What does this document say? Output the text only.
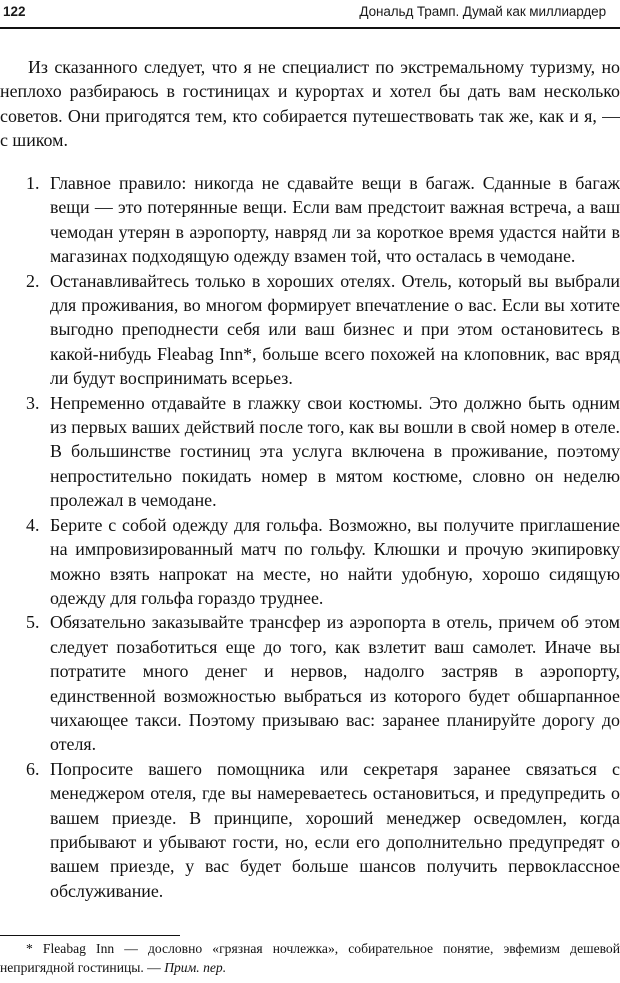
122	Дональд Трамп. Думай как миллиардер

Из сказанного следует, что я не специалист по экстремальному туризму, но неплохо разбираюсь в гостиницах и курортах и хотел бы дать вам несколько советов. Они пригодятся тем, кто собирается путешествовать так же, как и я, — с шиком.

1. Главное правило: никогда не сдавайте вещи в багаж. Сданные в багаж вещи — это потерянные вещи. Если вам предстоит важная встреча, а ваш чемодан утерян в аэропорту, навряд ли за короткое время удастся найти в магазинах подходящую одежду взамен той, что осталась в чемодане.
2. Останавливайтесь только в хороших отелях. Отель, который вы выбрали для проживания, во многом формирует впечатление о вас. Если вы хотите выгодно преподнести себя или ваш бизнес и при этом остановитесь в какой-нибудь Fleabag Inn*, больше всего похожей на клоповник, вас вряд ли будут воспринимать всерьез.
3. Непременно отдавайте в глажку свои костюмы. Это должно быть одним из первых ваших действий после того, как вы вошли в свой номер в отеле. В большинстве гостиниц эта услуга включена в проживание, поэтому непростительно покидать номер в мятом костюме, словно он неделю пролежал в чемодане.
4. Берите с собой одежду для гольфа. Возможно, вы получите приглашение на импровизированный матч по гольфу. Клюшки и прочую экипировку можно взять напрокат на месте, но найти удобную, хорошо сидящую одежду для гольфа гораздо труднее.
5. Обязательно заказывайте трансфер из аэропорта в отель, причем об этом следует позаботиться еще до того, как взлетит ваш самолет. Иначе вы потратите много денег и нервов, надолго застряв в аэропорту, единственной возможностью выбраться из которого будет обшарпанное чихающее такси. Поэтому призываю вас: заранее планируйте дорогу до отеля.
6. Попросите вашего помощника или секретаря заранее связаться с менеджером отеля, где вы намереваетесь остановиться, и предупредить о вашем приезде. В принципе, хороший менеджер осведомлен, когда прибывают и убывают гости, но, если его дополнительно предупредят о вашем приезде, у вас будет больше шансов получить первоклассное обслуживание.

* Fleabag Inn — дословно «грязная ночлежка», собирательное понятие, эвфемизм дешевой непригядной гостиницы. — Прим. пер.
